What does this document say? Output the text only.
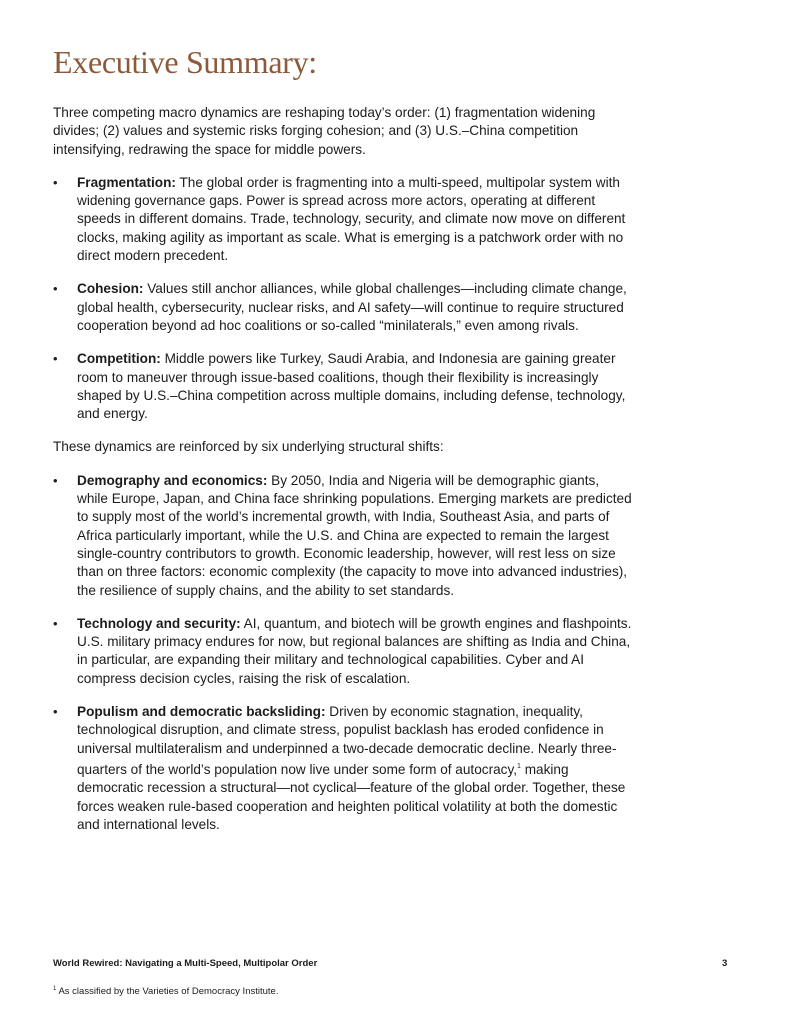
Executive Summary:

Three competing macro dynamics are reshaping today’s order: (1) fragmentation widening divides; (2) values and systemic risks forging cohesion; and (3) U.S.–China competition intensifying, redrawing the space for middle powers.

• Fragmentation: The global order is fragmenting into a multi-speed, multipolar system with widening governance gaps. Power is spread across more actors, operating at different speeds in different domains. Trade, technology, security, and climate now move on different clocks, making agility as important as scale. What is emerging is a patchwork order with no direct modern precedent.
• Cohesion: Values still anchor alliances, while global challenges—including climate change, global health, cybersecurity, nuclear risks, and AI safety—will continue to require structured cooperation beyond ad hoc coalitions or so-called “minilaterals,” even among rivals.
• Competition: Middle powers like Turkey, Saudi Arabia, and Indonesia are gaining greater room to maneuver through issue-based coalitions, though their flexibility is increasingly shaped by U.S.–China competition across multiple domains, including defense, technology, and energy.

These dynamics are reinforced by six underlying structural shifts:

• Demography and economics: By 2050, India and Nigeria will be demographic giants, while Europe, Japan, and China face shrinking populations. Emerging markets are predicted to supply most of the world’s incremental growth, with India, Southeast Asia, and parts of Africa particularly important, while the U.S. and China are expected to remain the largest single-country contributors to growth. Economic leadership, however, will rest less on size than on three factors: economic complexity (the capacity to move into advanced industries), the resilience of supply chains, and the ability to set standards.
• Technology and security: AI, quantum, and biotech will be growth engines and flashpoints. U.S. military primacy endures for now, but regional balances are shifting as India and China, in particular, are expanding their military and technological capabilities. Cyber and AI compress decision cycles, raising the risk of escalation.
• Populism and democratic backsliding: Driven by economic stagnation, inequality, technological disruption, and climate stress, populist backlash has eroded confidence in universal multilateralism and underpinned a two-decade democratic decline. Nearly three-quarters of the world’s population now live under some form of autocracy,$^1$ making democratic recession a structural—not cyclical—feature of the global order. Together, these forces weaken rule-based cooperation and heighten political volatility at both the domestic and international levels.
World Rewired: Navigating a Multi-Speed, Multipolar Order	3
$^1$ As classified by the Varieties of Democracy Institute.
